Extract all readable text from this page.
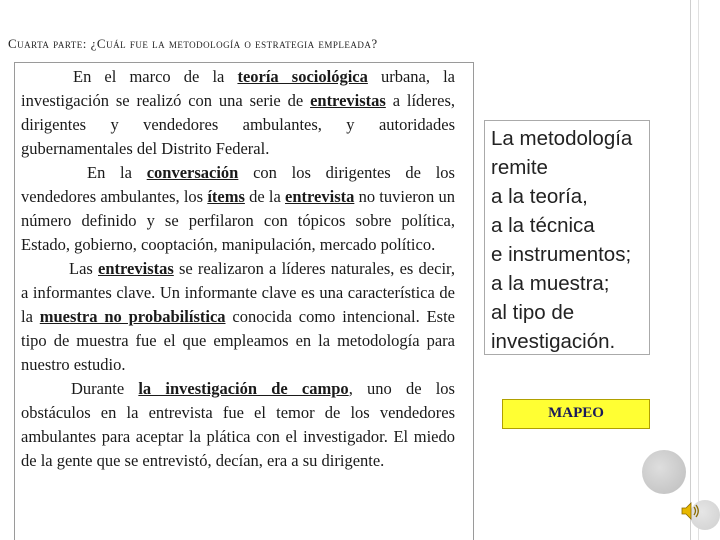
Cuarta parte: ¿Cuál fue la metodología o estrategia empleada?

En el marco de la teoría sociológica urbana, la investigación se realizó con una serie de entrevistas a líderes, dirigentes y vendedores ambulantes, y autoridades gubernamentales del Distrito Federal.

En la conversación con los dirigentes de los vendedores ambulantes, los ítems de la entrevista no tuvieron un número definido y se perfilaron con tópicos sobre política, Estado, gobierno, cooptación, manipulación, mercado político.

Las entrevistas se realizaron a líderes naturales, es decir, a informantes clave. Un informante clave es una característica de la muestra no probabilística conocida como intencional. Este tipo de muestra fue el que empleamos en la metodología para nuestro estudio.

Durante la investigación de campo, uno de los obstáculos en la entrevista fue el temor de los vendedores ambulantes para aceptar la plática con el investigador. El miedo de la gente que se entrevistó, decían, era a su dirigente.

La metodología
remite
a la teoría,
a la técnica
e instrumentos;
a la muestra;
al tipo de
investigación.
MAPEO
